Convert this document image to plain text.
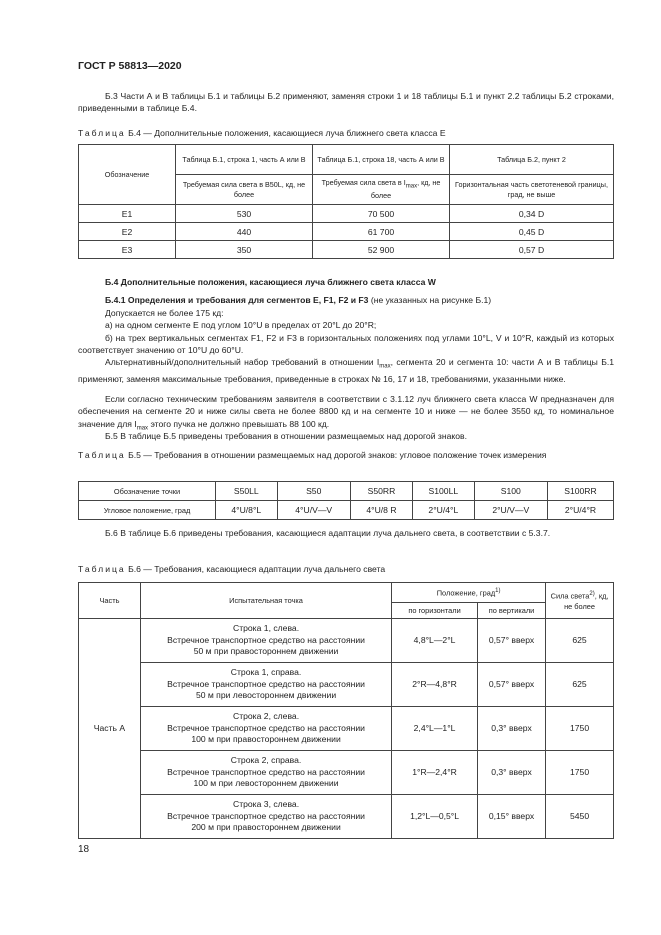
ГОСТ Р 58813—2020
Б.3 Части А и В таблицы Б.1 и таблицы Б.2 применяют, заменяя строки 1 и 18 таблицы Б.1 и пункт 2.2 таблицы Б.2 строками, приведенными в таблице Б.4.
Таблица Б.4 — Дополнительные положения, касающиеся луча ближнего света класса Е
Обозначение	Таблица Б.1, строка 1, часть А или В	Таблица Б.1, строка 18, часть А или В	Таблица Б.2, пункт 2
	Требуемая сила света в B50L, кд, не более	Требуемая сила света в $I_{max}$, кд, не более	Горизонтальная часть светотеневой границы, град, не выше
E1	530	70 500	0,34 D
E2	440	61 700	0,45 D
E3	350	52 900	0,57 D
Б.4 Дополнительные положения, касающиеся луча ближнего света класса W
Б.4.1 Определения и требования для сегментов E, F1, F2 и F3 (не указанных на рисунке Б.1)
Допускается не более 175 кд:
а) на одном сегменте Е под углом 10°U в пределах от 20°L до 20°R;
б) на трех вертикальных сегментах F1, F2 и F3 в горизонтальных положениях под углами 10°L, V и 10°R, каждый из которых соответствует значению от 10°U до 60°U.
Альтернативный/дополнительный набор требований в отношении $I_{max}$, сегмента 20 и сегмента 10: части А и В таблицы Б.1 применяют, заменяя максимальные требования, приведенные в строках № 16, 17 и 18, требованиями, указанными ниже.
Если согласно техническим требованиям заявителя в соответствии с 3.1.12 луч ближнего света класса W предназначен для обеспечения на сегменте 20 и ниже силы света не более 8800 кд и на сегменте 10 и ниже — не более 3550 кд, то номинальное значение для $I_{max}$ этого пучка не должно превышать 88 100 кд.
Б.5 В таблице Б.5 приведены требования в отношении размещаемых над дорогой знаков.
Таблица Б.5 — Требования в отношении размещаемых над дорогой знаков: угловое положение точек измерения
Обозначение точки	S50LL	S50	S50RR	S100LL	S100	S100RR
Угловое положение, град	4°U/8°L	4°U/V—V	4°U/8 R	2°U/4°L	2°U/V—V	2°U/4°R
Б.6 В таблице Б.6 приведены требования, касающиеся адаптации луча дальнего света, в соответствии с 5.3.7.
Таблица Б.6 — Требования, касающиеся адаптации луча дальнего света
Часть	Испытательная точка	Положение, град$^{1)}$		Сила света$^{2)}$, кд, не более
		по горизонтали	по вертикали	
Часть А	Строка 1, слева.
Встречное транспортное средство на расстоянии
50 м при правостороннем движении	4,8°L—2°L	0,57° вверх	625

	Строка 1, справа.
Встречное транспортное средство на расстоянии
50 м при левостороннем движении	2°R—4,8°R	0,57° вверх	625

	Строка 2, слева.
Встречное транспортное средство на расстоянии
100 м при правостороннем движении	2,4°L—1°L	0,3° вверх	1750

	Строка 2, справа.
Встречное транспортное средство на расстоянии
100 м при левостороннем движении	1°R—2,4°R	0,3° вверх	1750

	Строка 3, слева.
Встречное транспортное средство на расстоянии
200 м при правостороннем движении	1,2°L—0,5°L	0,15° вверх	5450
18
